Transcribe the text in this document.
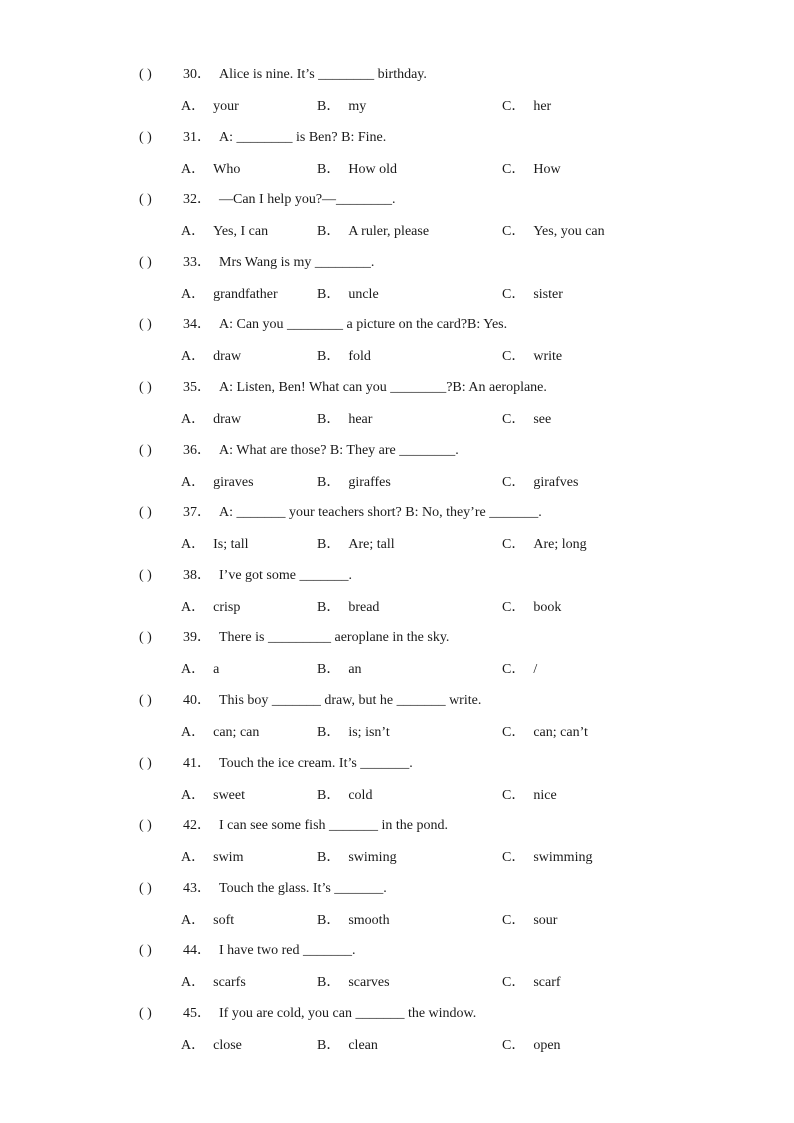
( ) 30． Alice is nine. It’s ________ birthday.
A． your	B． my	C． her
( ) 31． A: ________ is Ben? B: Fine.
A． Who	B． How old	C． How
( ) 32． —Can I help you?—________.
A． Yes, I can	B． A ruler, please	C． Yes, you can
( ) 33． Mrs Wang is my ________.
A． grandfather	B． uncle	C． sister
( ) 34． A: Can you ________ a picture on the card?B: Yes.
A． draw	B． fold	C． write
( ) 35． A: Listen, Ben! What can you ________?B: An aeroplane.
A． draw	B． hear	C． see
( ) 36． A: What are those? B: They are ________.
A． giraves	B． giraffes	C． girafves
( ) 37． A: _______ your teachers short? B: No, they’re _______.
A． Is; tall	B． Are; tall	C． Are; long
( ) 38． I’ve got some _______.
A． crisp	B． bread	C． book
( ) 39． There is _________ aeroplane in the sky.
A． a	B． an	C． /
( ) 40． This boy _______ draw, but he _______ write.
A． can; can	B． is; isn’t	C． can; can’t
( ) 41． Touch the ice cream. It’s _______.
A． sweet	B． cold	C． nice
( ) 42． I can see some fish _______ in the pond.
A． swim	B． swiming	C． swimming
( ) 43． Touch the glass. It’s _______.
A． soft	B． smooth	C． sour
( ) 44． I have two red _______.
A． scarfs	B． scarves	C． scarf
( ) 45． If you are cold, you can _______ the window.
A． close	B． clean	C． open
